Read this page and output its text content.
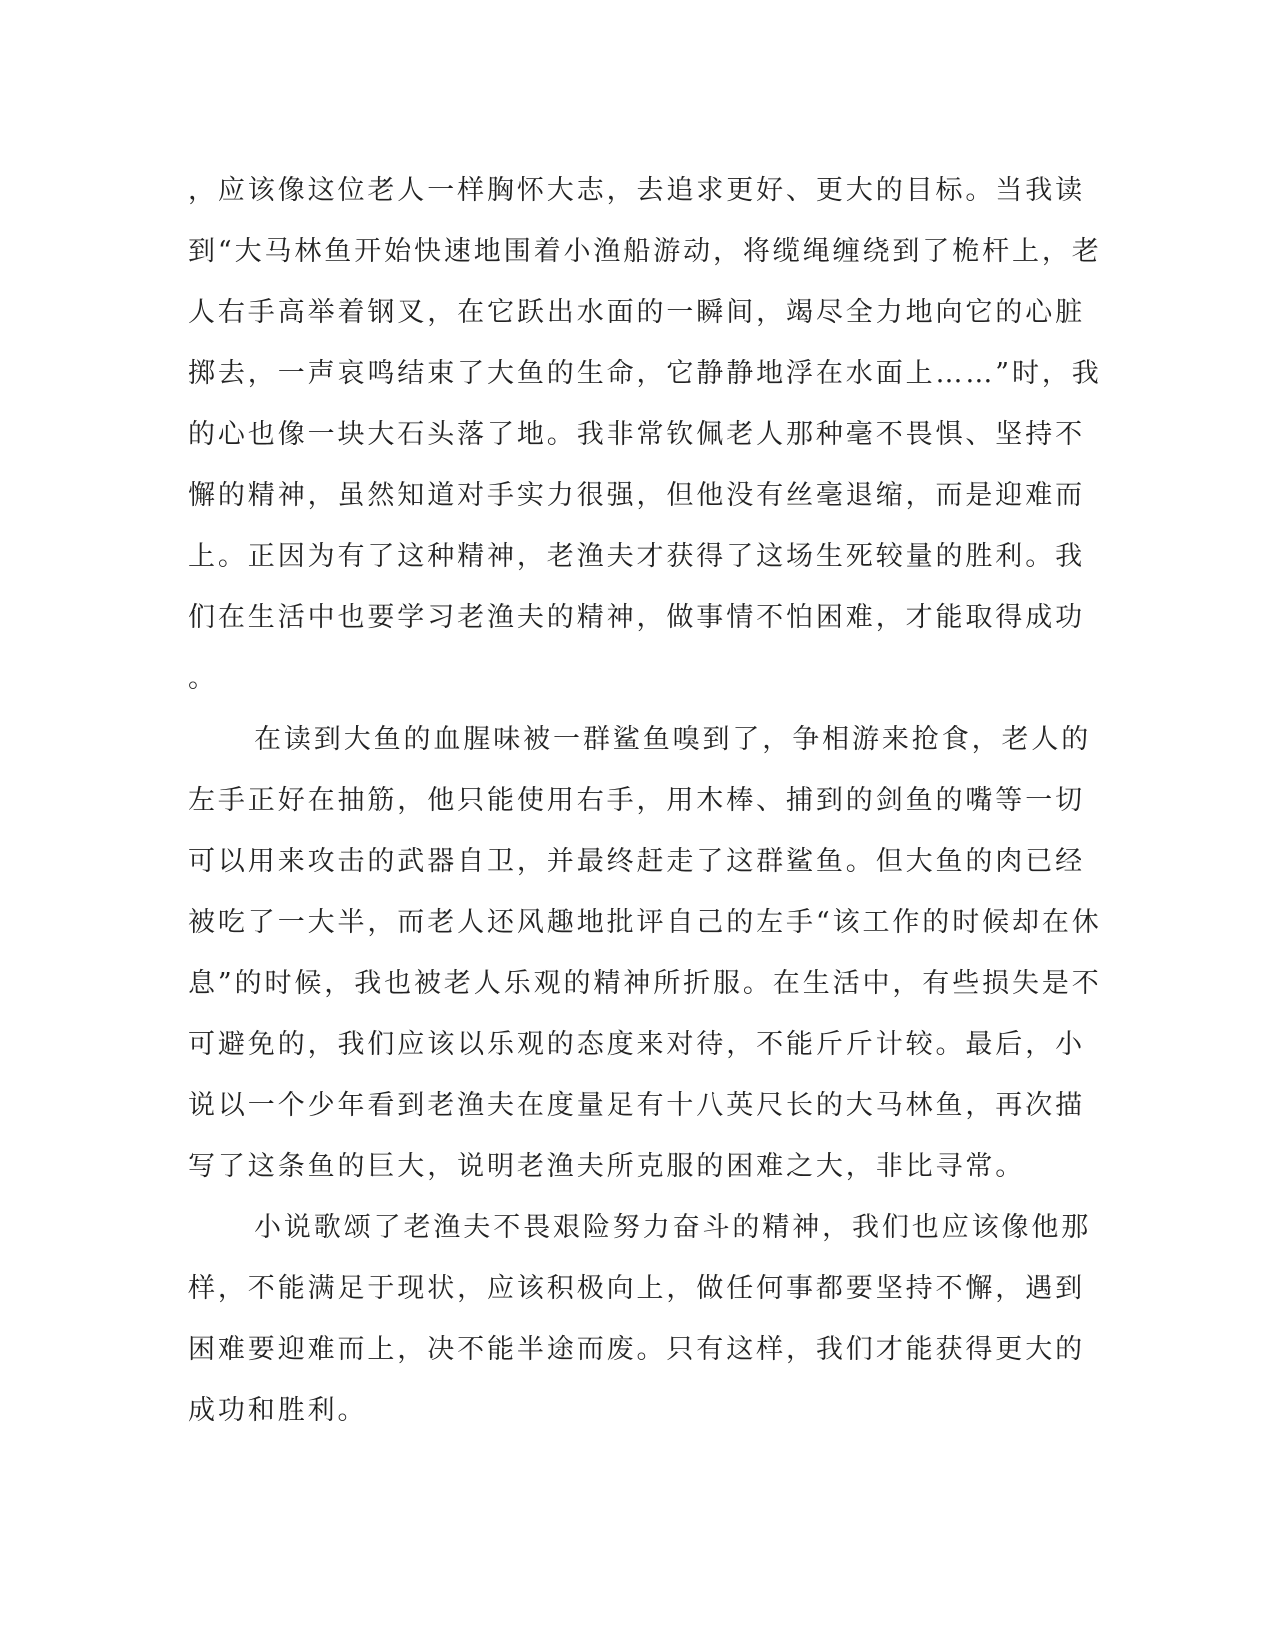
，应该像这位老人一样胸怀大志，去追求更好、更大的目标。当我读
到“大马林鱼开始快速地围着小渔船游动，将缆绳缠绕到了桅杆上，老
人右手高举着钢叉，在它跃出水面的一瞬间，竭尽全力地向它的心脏
掷去，一声哀鸣结束了大鱼的生命，它静静地浮在水面上……”时，我
的心也像一块大石头落了地。我非常钦佩老人那种毫不畏惧、坚持不
懈的精神，虽然知道对手实力很强，但他没有丝毫退缩，而是迎难而
上。正因为有了这种精神，老渔夫才获得了这场生死较量的胜利。我
们在生活中也要学习老渔夫的精神，做事情不怕困难，才能取得成功
。
在读到大鱼的血腥味被一群鲨鱼嗅到了，争相游来抢食，老人的
左手正好在抽筋，他只能使用右手，用木棒、捕到的剑鱼的嘴等一切
可以用来攻击的武器自卫，并最终赶走了这群鲨鱼。但大鱼的肉已经
被吃了一大半，而老人还风趣地批评自己的左手“该工作的时候却在休
息”的时候，我也被老人乐观的精神所折服。在生活中，有些损失是不
可避免的，我们应该以乐观的态度来对待，不能斤斤计较。最后，小
说以一个少年看到老渔夫在度量足有十八英尺长的大马林鱼，再次描
写了这条鱼的巨大，说明老渔夫所克服的困难之大，非比寻常。
小说歌颂了老渔夫不畏艰险努力奋斗的精神，我们也应该像他那
样，不能满足于现状，应该积极向上，做任何事都要坚持不懈，遇到
困难要迎难而上，决不能半途而废。只有这样，我们才能获得更大的
成功和胜利。
